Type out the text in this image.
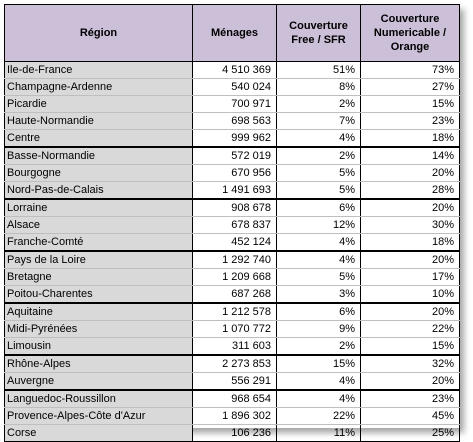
Région	Ménages	Couverture Free / SFR	Couverture Numericable / Orange
Ile-de-France	4 510 369	51%	73%
Champagne-Ardenne	540 024	8%	27%
Picardie	700 971	2%	15%
Haute-Normandie	698 563	7%	23%
Centre	999 962	4%	18%
Basse-Normandie	572 019	2%	14%
Bourgogne	670 956	5%	20%
Nord-Pas-de-Calais	1 491 693	5%	28%
Lorraine	908 678	6%	20%
Alsace	678 837	12%	30%
Franche-Comté	452 124	4%	18%
Pays de la Loire	1 292 740	4%	20%
Bretagne	1 209 668	5%	17%
Poitou-Charentes	687 268	3%	10%
Aquitaine	1 212 578	6%	20%
Midi-Pyrénées	1 070 772	9%	22%
Limousin	311 603	2%	15%
Rhône-Alpes	2 273 853	15%	32%
Auvergne	556 291	4%	20%
Languedoc-Roussillon	968 654	4%	23%
Provence-Alpes-Côte d'Azur	1 896 302	22%	45%
Corse	106 236	11%	25%
